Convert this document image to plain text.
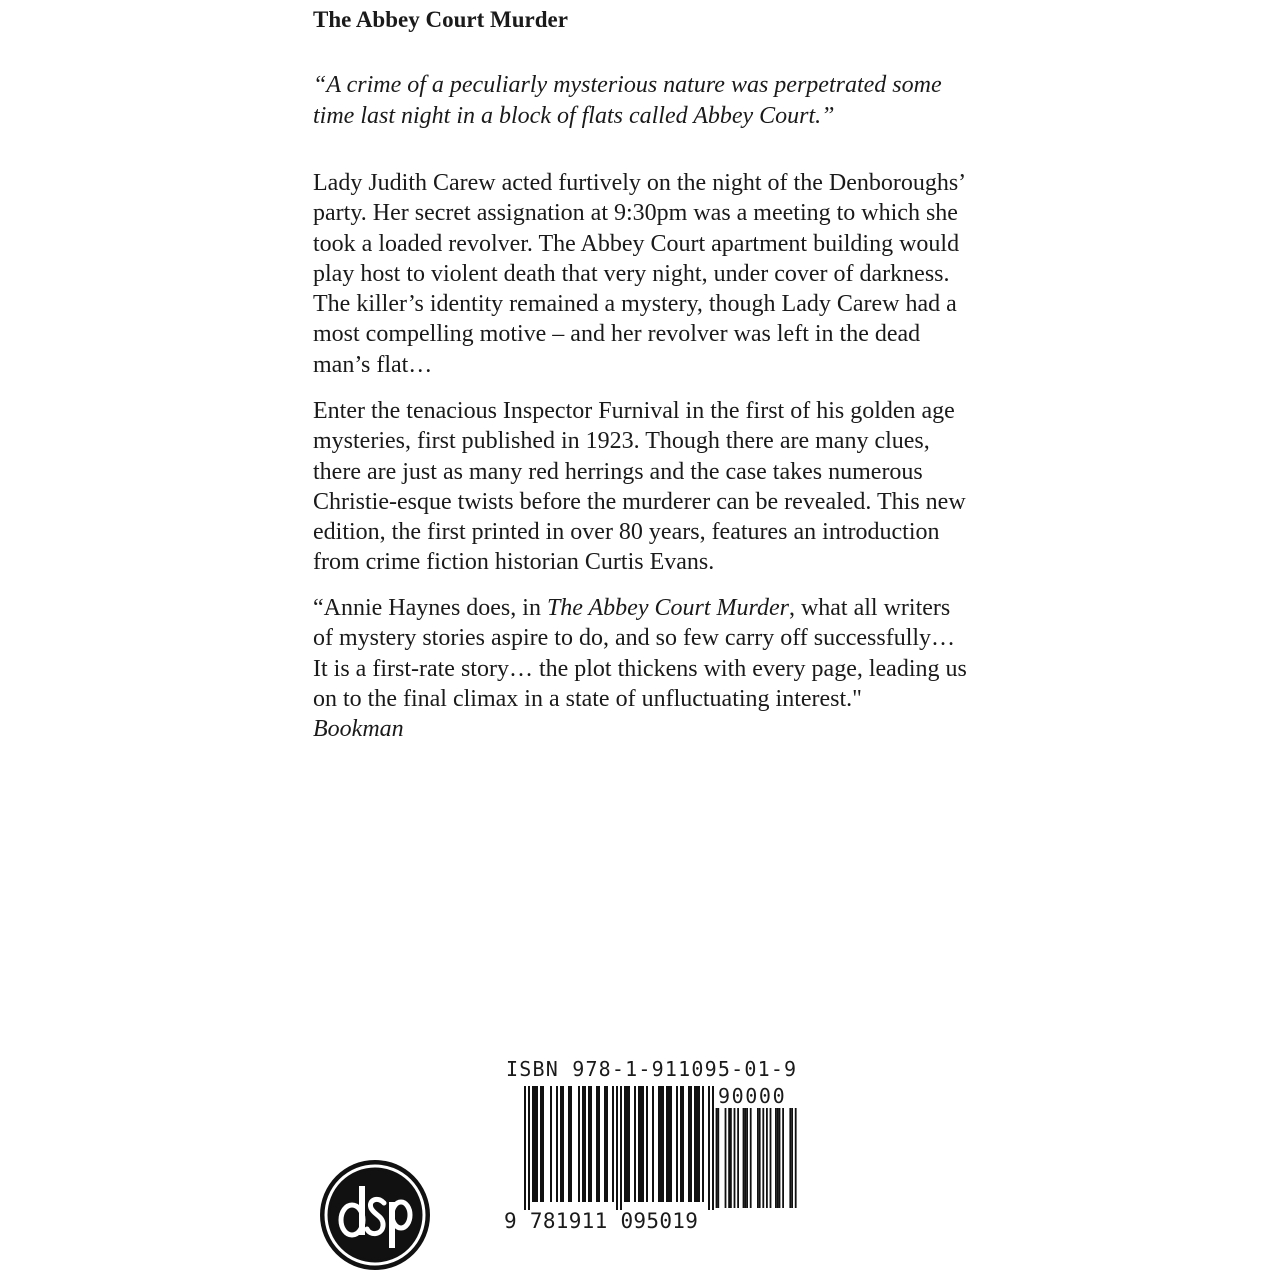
The Abbey Court Murder

“A crime of a peculiarly mysterious nature was perpetrated some time last night in a block of flats called Abbey Court.”

Lady Judith Carew acted furtively on the night of the Denboroughs’ party. Her secret assignation at 9:30pm was a meeting to which she took a loaded revolver. The Abbey Court apartment building would play host to violent death that very night, under cover of darkness. The killer’s identity remained a mystery, though Lady Carew had a most compelling motive – and her revolver was left in the dead man’s flat…

Enter the tenacious Inspector Furnival in the first of his golden age mysteries, first published in 1923. Though there are many clues, there are just as many red herrings and the case takes numerous Christie-esque twists before the murderer can be revealed. This new edition, the first printed in over 80 years, features an introduction from crime fiction historian Curtis Evans.

“Annie Haynes does, in The Abbey Court Murder, what all writers of mystery stories aspire to do, and so few carry off successfully… It is a first-rate story… the plot thickens with every page, leading us on to the final climax in a state of unfluctuating interest."
Bookman

ISBN 978-1-911095-01-9
90000
9 781911 095019
